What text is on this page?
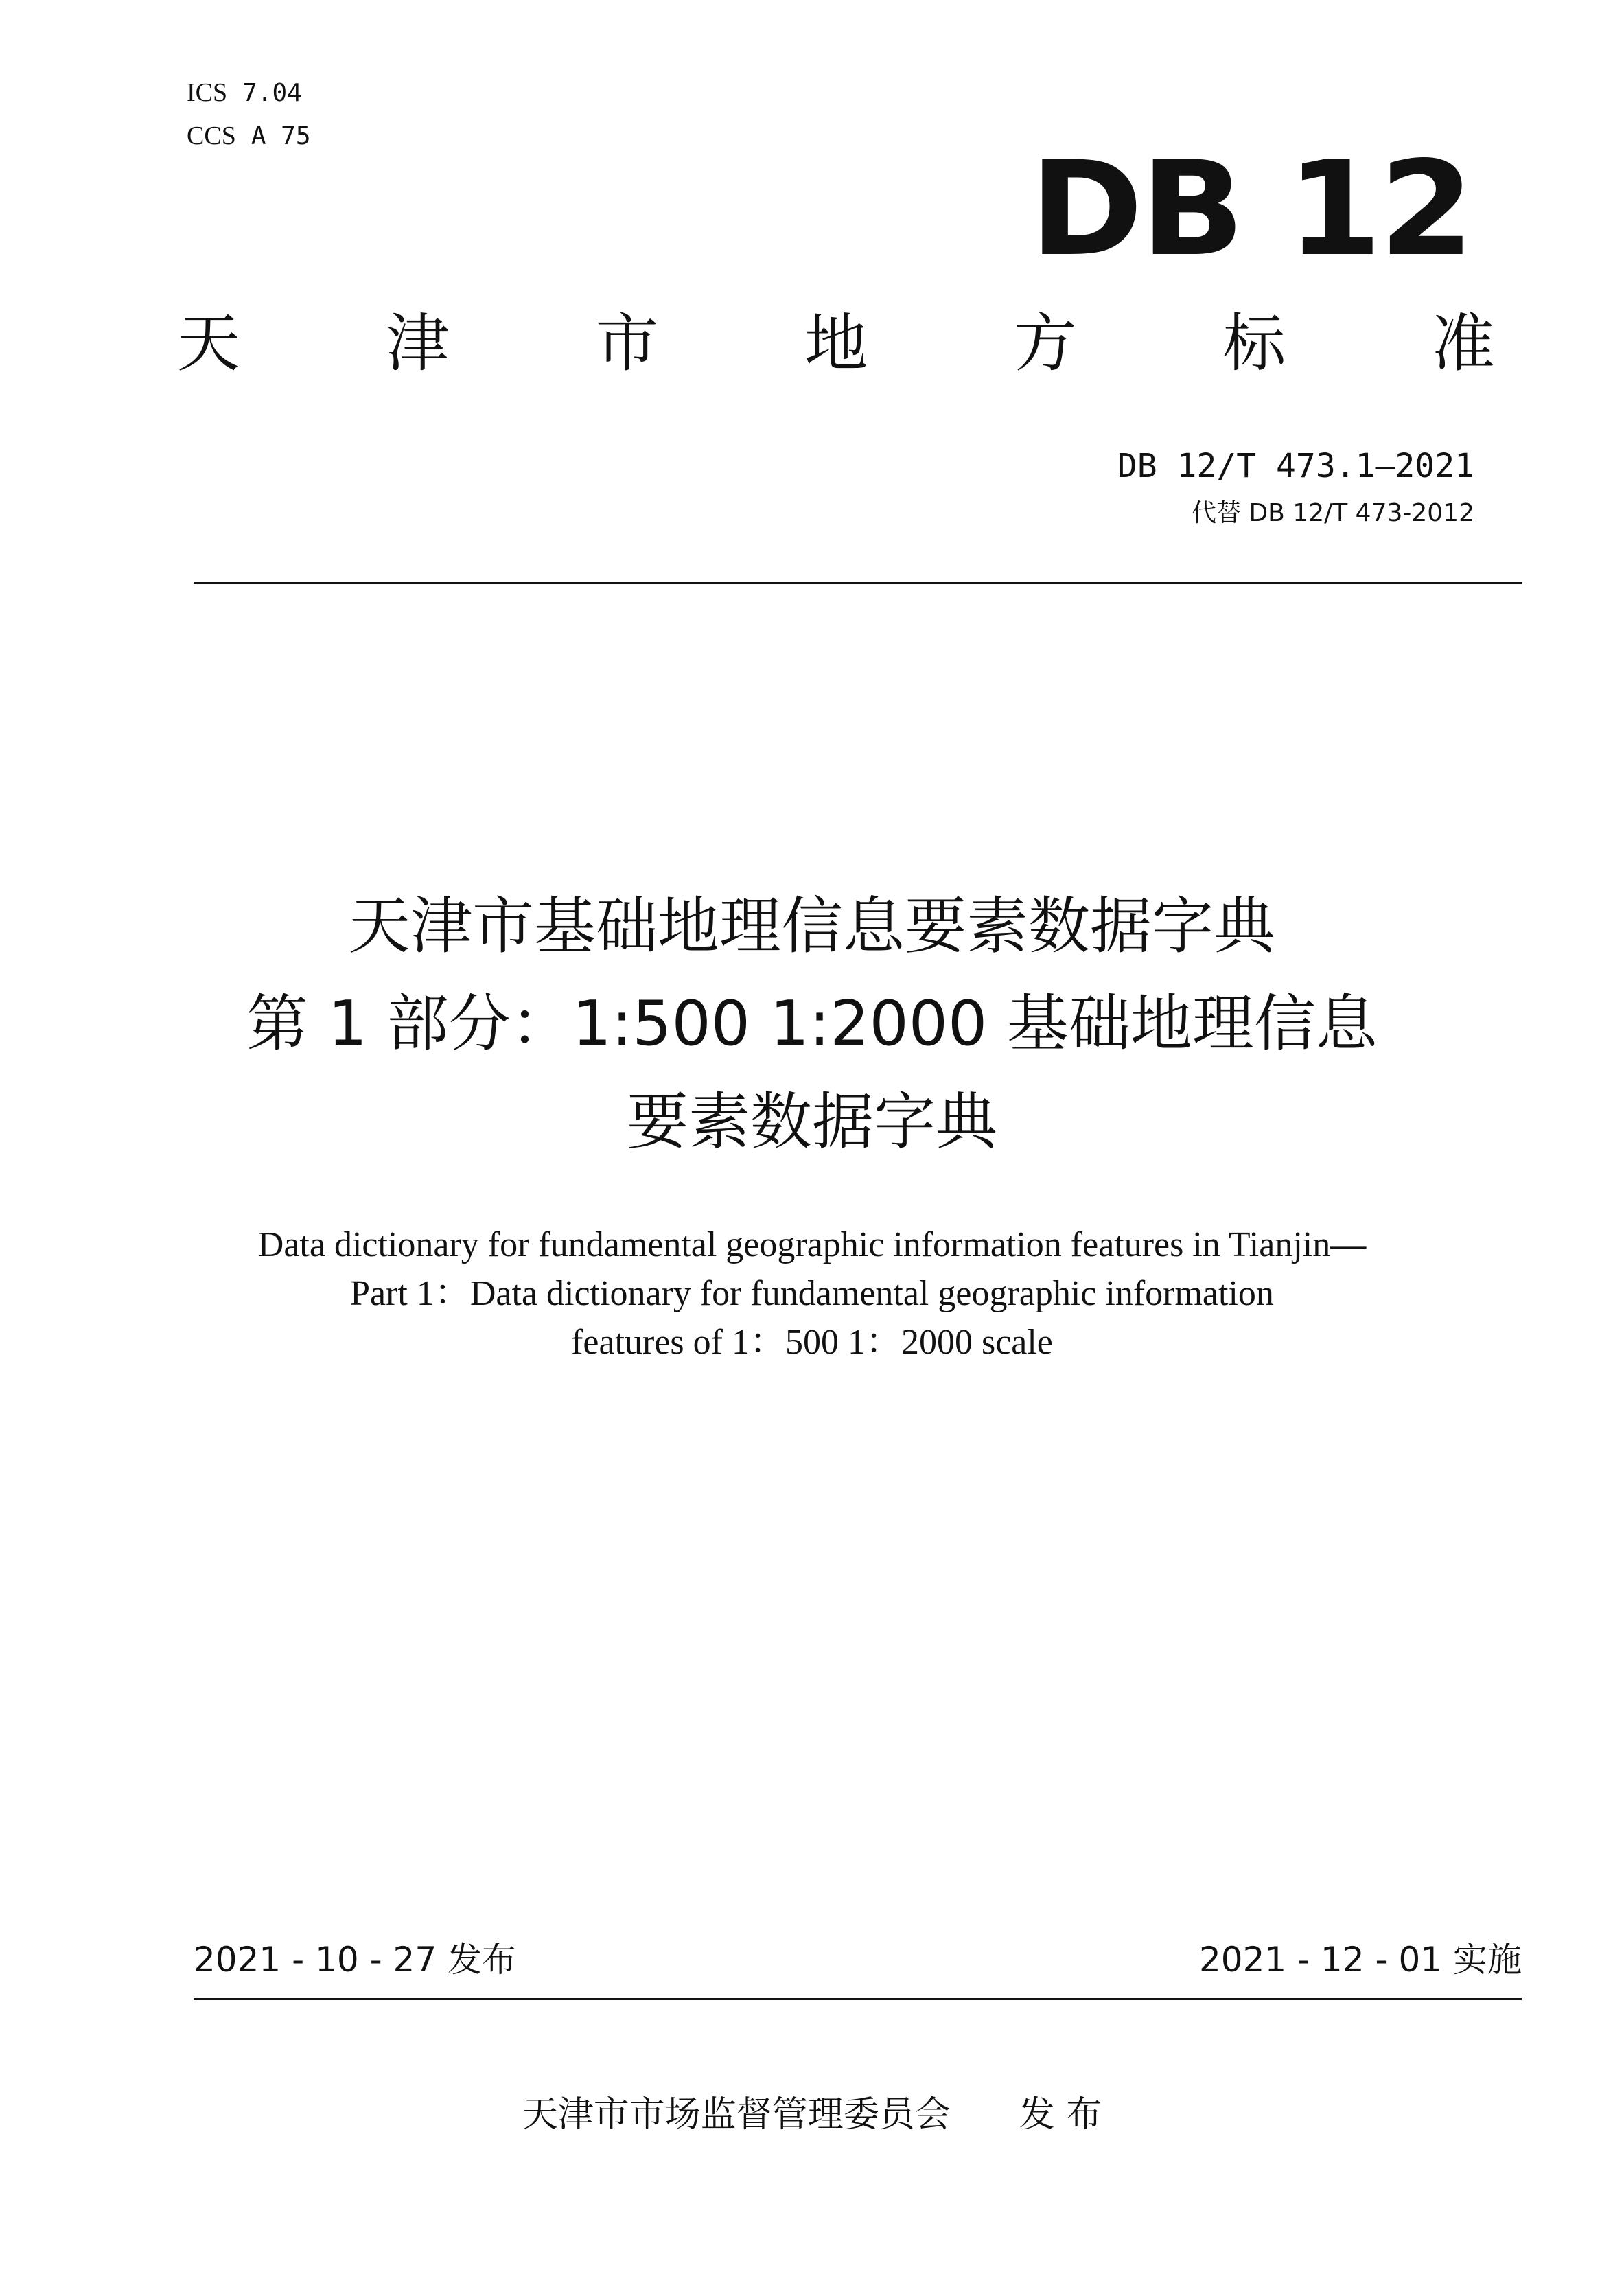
ICS 7.04
CCS A 75	DB 12
天 津 市 地 方 标 准
DB 12/T 473.1—2021
代替 DB 12/T 473-2012
天津市基础地理信息要素数据字典
第 1 部分：1:500 1:2000 基础地理信息
要素数据字典
Data dictionary for fundamental geographic information features in Tianjin—
Part 1：Data dictionary for fundamental geographic information
features of 1：500 1：2000 scale
2021 - 10 - 27 发布	2021 - 12 - 01 实施
天津市市场监督管理委员会 发 布
